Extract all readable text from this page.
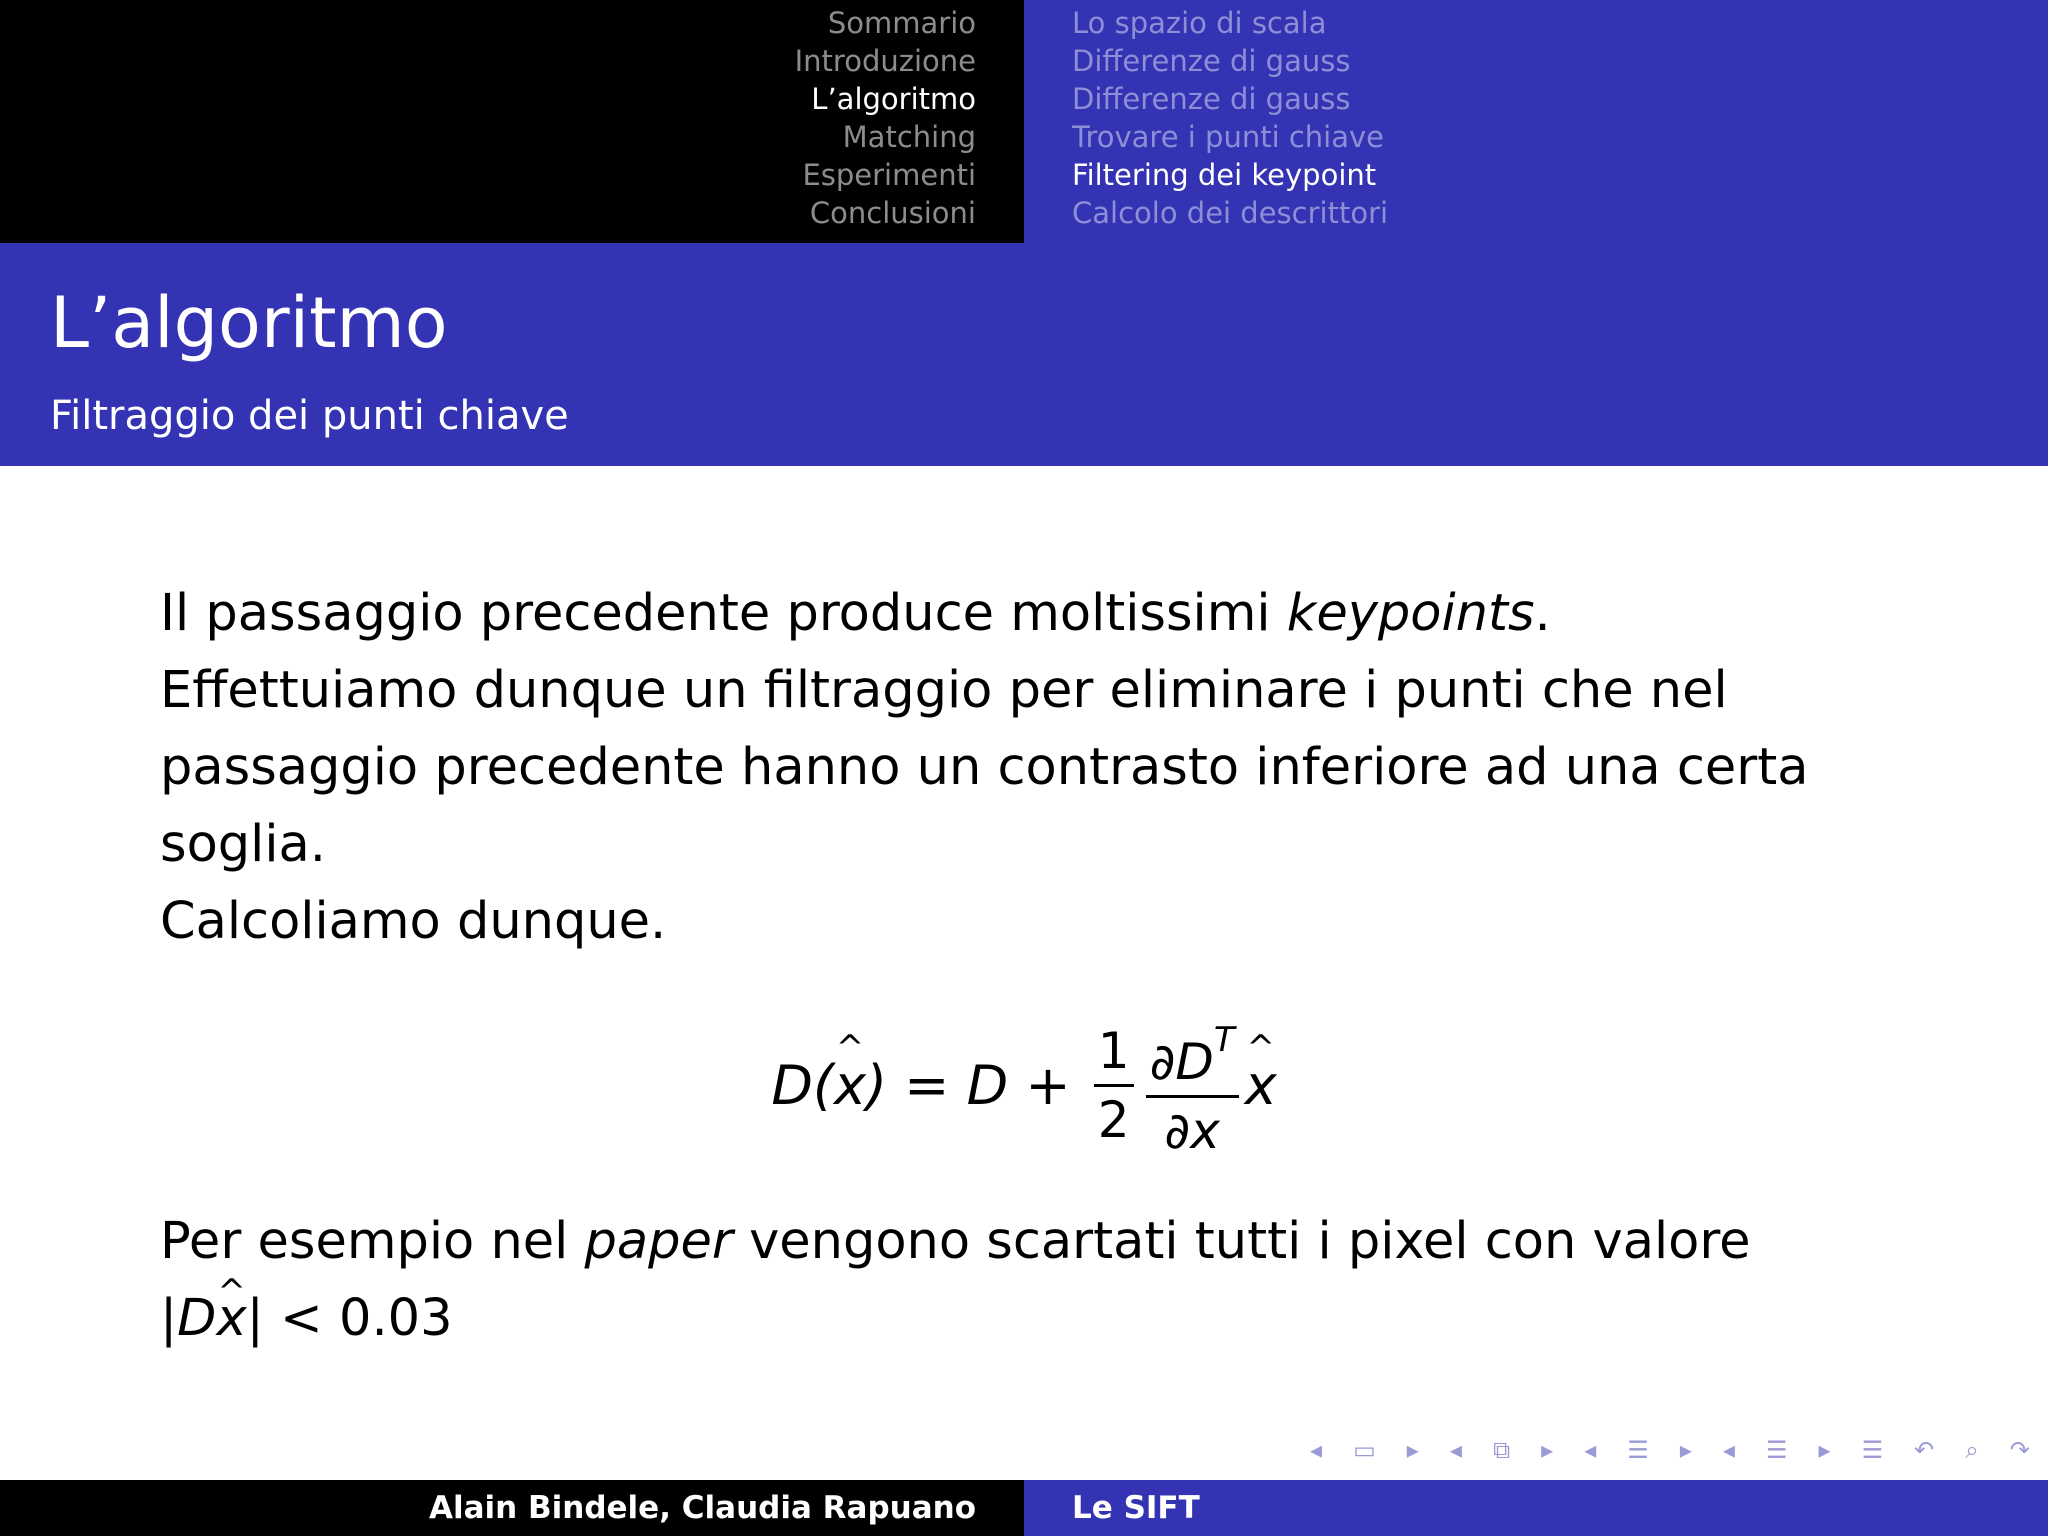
Sommario
Introduzione
L’algoritmo
Matching
Esperimenti
Conclusioni
Lo spazio di scala
Differenze di gauss
Differenze di gauss
Trovare i punti chiave
Filtering dei keypoint
Calcolo dei descrittori
L’algoritmo
Filtraggio dei punti chiave

Il passaggio precedente produce moltissimi keypoints.

Effettuiamo dunque un filtraggio per eliminare i punti che nel passaggio precedente hanno un contrasto inferiore ad una certa soglia.

Calcoliamo dunque.

D( ^ x ) = $D + \frac{1}{2} \frac{\partial D^T}{\partial x}$ ^ x

Per esempio nel paper vengono scartati tutti i pixel con valore

|D^ x| < 0.03

◂ ▭ ▸ ◂ ⧉ ▸ ◂ ☰ ▸ ◂ ☰ ▸ ☰ ↶ ⌕ ↷
Alain Bindele, Claudia Rapuano	Le SIFT
